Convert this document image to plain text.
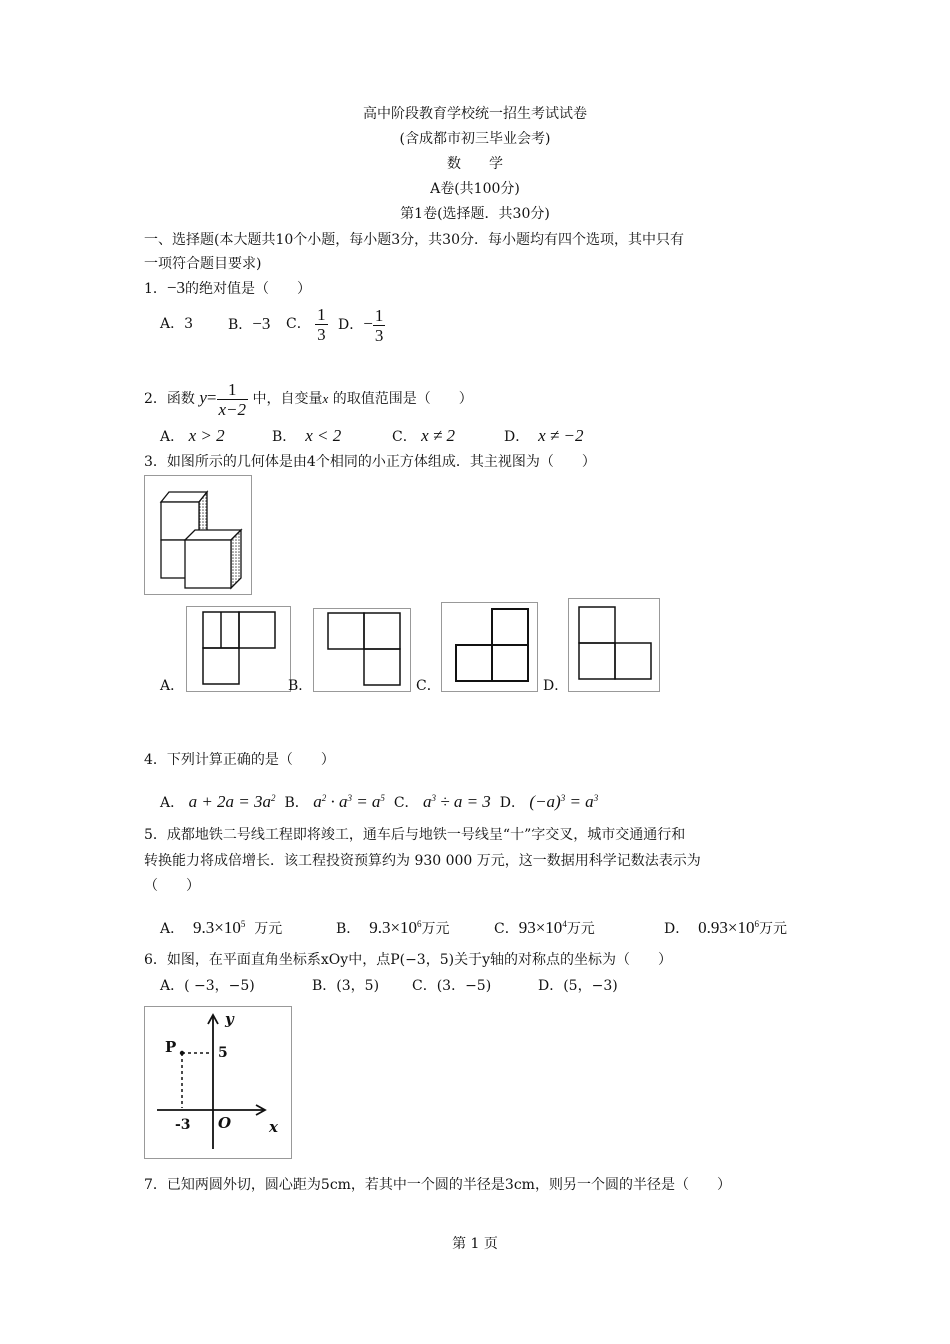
高中阶段教育学校统一招生考试试卷
(含成都市初三毕业会考)
数　　学
A卷(共100分)
第1卷(选择题．共30分)
一、选择题(本大题共10个小题，每小题3分，共30分．每小题均有四个选项，其中只有
一项符合题目要求)
1．−3的绝对值是（　　）
A．3 B．−3 C． $\frac{1}{3}$ D．− $\frac{1}{3}$
2．函数 $y= \frac{1}{x-2}$ 中，自变量x 的取值范围是（　　）
A． x > 2	B． x < 2	C． x ≠ 2	D． x ≠ −2
3．如图所示的几何体是由4个相同的小正方体组成．其主视图为（　　）
A．	B．	C．	D．
4．下列计算正确的是（　　）
A． $a + 2a = 3a^2$ B． $a^2 \cdot a^3 = a^5$ C． $a^3 \div a = 3$ D． $(-a)^3 = a^3$
5．成都地铁二号线工程即将竣工，通车后与地铁一号线呈“十”字交叉，城市交通通行和
转换能力将成倍增长．该工程投资预算约为 930 000 万元，这一数据用科学记数法表示为
（　　）
A． $9.3\times 10^5$ 万元	B． $9.3\times 10^6$万元	C．$93\times 10^4$万元	D． $0.93\times 10^6$万元
6．如图，在平面直角坐标系xOy中，点P(−3，5)关于y轴的对称点的坐标为（　　）
A．( −3，−5)	B．(3，5) C．(3．−5)	D．(5，−3)
y
x
P	5
-3 O
7．已知两圆外切，圆心距为5cm，若其中一个圆的半径是3cm，则另一个圆的半径是（　　）
第 1 页
